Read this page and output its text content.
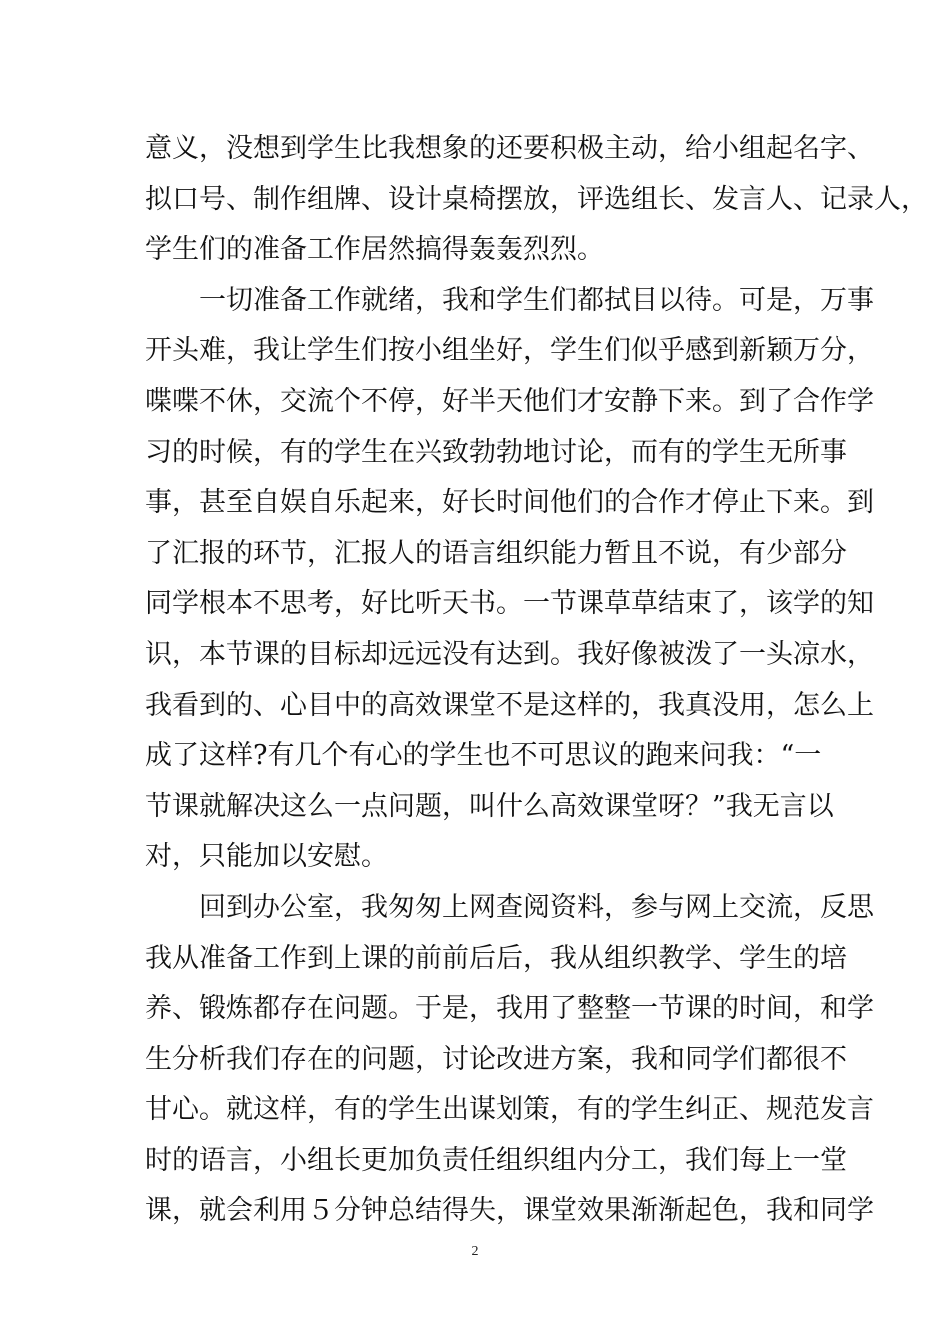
意义，没想到学生比我想象的还要积极主动，给小组起名字、
拟口号、制作组牌、设计桌椅摆放，评选组长、发言人、记录人，
学生们的准备工作居然搞得轰轰烈烈。
　　一切准备工作就绪，我和学生们都拭目以待。可是，万事
开头难，我让学生们按小组坐好，学生们似乎感到新颖万分，
喋喋不休，交流个不停，好半天他们才安静下来。到了合作学
习的时候，有的学生在兴致勃勃地讨论，而有的学生无所事
事，甚至自娱自乐起来，好长时间他们的合作才停止下来。到
了汇报的环节，汇报人的语言组织能力暂且不说，有少部分
同学根本不思考，好比听天书。一节课草草结束了，该学的知
识，本节课的目标却远远没有达到。我好像被泼了一头凉水，
我看到的、心目中的高效课堂不是这样的，我真没用，怎么上
成了这样?有几个有心的学生也不可思议的跑来问我：“一
节课就解决这么一点问题，叫什么高效课堂呀？”我无言以
对，只能加以安慰。
　　回到办公室，我匆匆上网查阅资料，参与网上交流，反思
我从准备工作到上课的前前后后，我从组织教学、学生的培
养、锻炼都存在问题。于是，我用了整整一节课的时间，和学
生分析我们存在的问题，讨论改进方案，我和同学们都很不
甘心。就这样，有的学生出谋划策，有的学生纠正、规范发言
时的语言，小组长更加负责任组织组内分工，我们每上一堂
课，就会利用５分钟总结得失，课堂效果渐渐起色，我和同学
2
